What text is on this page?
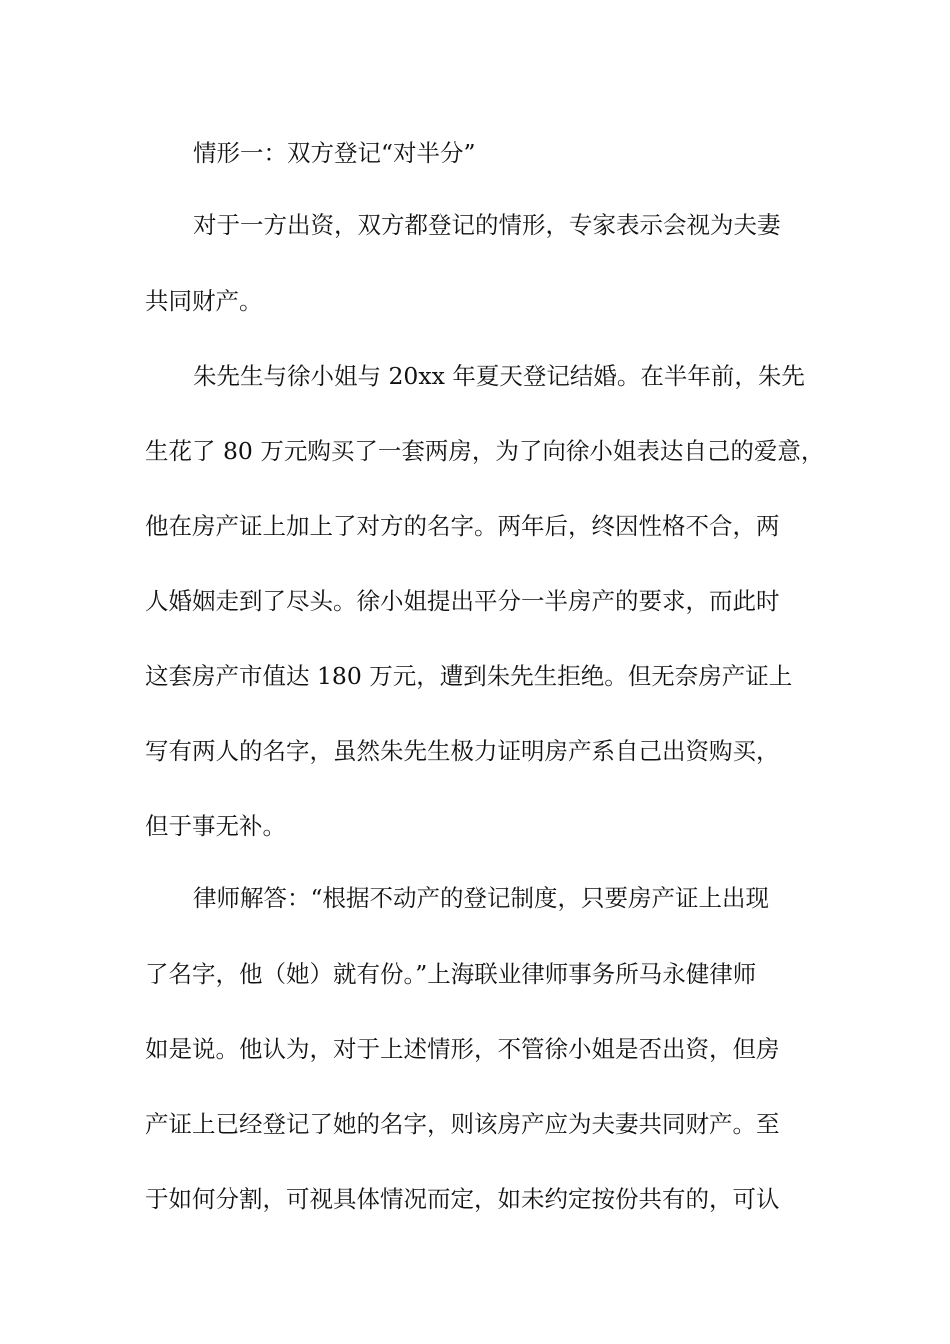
情形一：双方登记“对半分”
对于一方出资，双方都登记的情形，专家表示会视为夫妻
共同财产。
朱先生与徐小姐与 20xx 年夏天登记结婚。在半年前，朱先
生花了 80 万元购买了一套两房，为了向徐小姐表达自己的爱意，
他在房产证上加上了对方的名字。两年后，终因性格不合，两
人婚姻走到了尽头。徐小姐提出平分一半房产的要求，而此时
这套房产市值达 180 万元，遭到朱先生拒绝。但无奈房产证上
写有两人的名字，虽然朱先生极力证明房产系自己出资购买，
但于事无补。
律师解答：“根据不动产的登记制度，只要房产证上出现
了名字，他（她）就有份。”上海联业律师事务所马永健律师
如是说。他认为，对于上述情形，不管徐小姐是否出资，但房
产证上已经登记了她的名字，则该房产应为夫妻共同财产。至
于如何分割，可视具体情况而定，如未约定按份共有的，可认
